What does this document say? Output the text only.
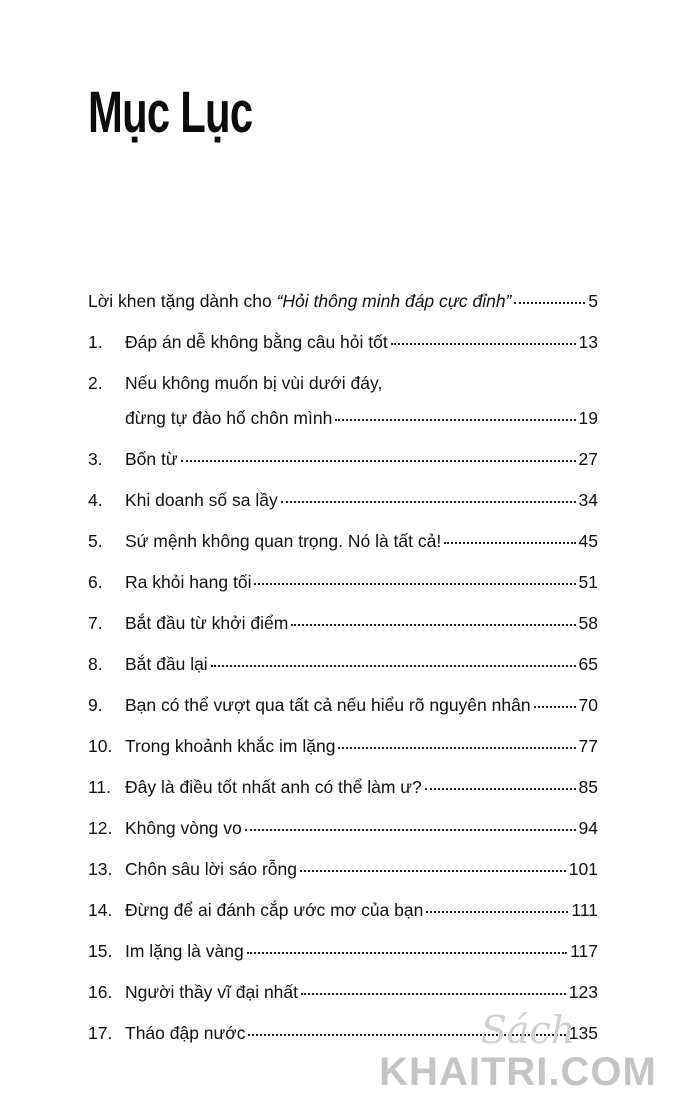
Mục Lục
Lời khen tặng dành cho “Hỏi thông minh đáp cực đỉnh”	5
1.	Đáp án dễ không bằng câu hỏi tốt	13
2.	Nếu không muốn bị vùi dưới đáy,
đừng tự đào hố chôn mình	19
3.	Bốn từ	27
4.	Khi doanh số sa lầy	34
5.	Sứ mệnh không quan trọng. Nó là tất cả!	45
6.	Ra khỏi hang tối	51
7.	Bắt đầu từ khởi điểm	58
8.	Bắt đầu lại	65
9.	Bạn có thể vượt qua tất cả nếu hiểu rõ nguyên nhân	70
10. Trong khoảnh khắc im lặng	77
11. Đây là điều tốt nhất anh có thể làm ư?	85
12. Không vòng vo	94
13. Chôn sâu lời sáo rỗng	101
14. Đừng để ai đánh cắp ước mơ của bạn	111
15. Im lặng là vàng	117
16. Người thầy vĩ đại nhất	123
17. Tháo đập nước	135
Sách
KHAITRI.COM
